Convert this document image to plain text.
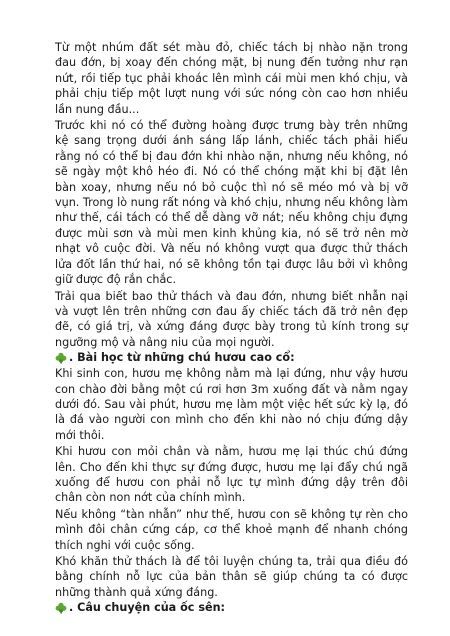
Từ một nhúm đất sét màu đỏ, chiếc tách bị nhào nặn trong đau đớn, bị xoay đến chóng mặt, bị nung đến tưởng như rạn nứt, rồi tiếp tục phải khoác lên mình cái mùi men khó chịu, và phải chịu tiếp một lượt nung với sức nóng còn cao hơn nhiều lần nung đầu...

Trước khi nó có thể đường hoàng được trưng bày trên những kệ sang trọng dưới ánh sáng lấp lánh, chiếc tách phải hiểu rằng nó có thể bị đau đớn khi nhào nặn, nhưng nếu không, nó sẽ ngày một khô héo đi. Nó có thể chóng mặt khi bị đặt lên bàn xoay, nhưng nếu nó bỏ cuộc thì nó sẽ méo mó và bị vỡ vụn. Trong lò nung rất nóng và khó chịu, nhưng nếu không làm như thế, cái tách có thể dễ dàng vỡ nát; nếu không chịu đựng được mùi sơn và mùi men kinh khủng kia, nó sẽ trở nên mờ nhạt vô cuộc đời. Và nếu nó không vượt qua được thử thách lửa đốt lần thứ hai, nó sẽ không tồn tại được lâu bởi vì không giữ được độ rắn chắc.

Trải qua biết bao thử thách và đau đớn, nhưng biết nhẫn nại và vượt lên trên những cơn đau ấy chiếc tách đã trở nên đẹp đẽ, có giá trị, và xứng đáng được bày trong tủ kính trong sự ngưỡng mộ và nâng niu của mọi người.

. Bài học từ những chú hươu cao cổ:

Khi sinh con, hươu mẹ không nằm mà lại đứng, như vậy hươu con chào đời bằng một cú rơi hơn 3m xuống đất và nằm ngay dưới đó. Sau vài phút, hươu mẹ làm một việc hết sức kỳ lạ, đó là đá vào người con mình cho đến khi nào nó chịu đứng dậy mới thôi.

Khi hươu con mỏi chân và nằm, hươu mẹ lại thúc chú đứng lên. Cho đến khi thực sự đứng được, hươu mẹ lại đẩy chú ngã xuống để hươu con phải nỗ lực tự mình đứng dậy trên đôi chân còn non nớt của chính mình.

Nếu không “tàn nhẫn” như thế, hươu con sẽ không tự rèn cho mình đôi chân cứng cáp, cơ thể khoẻ mạnh để nhanh chóng thích nghi với cuộc sống.

Khó khăn thử thách là để tôi luyện chúng ta, trải qua điều đó bằng chính nỗ lực của bản thân sẽ giúp chúng ta có được những thành quả xứng đáng.

. Câu chuyện của ốc sên:
